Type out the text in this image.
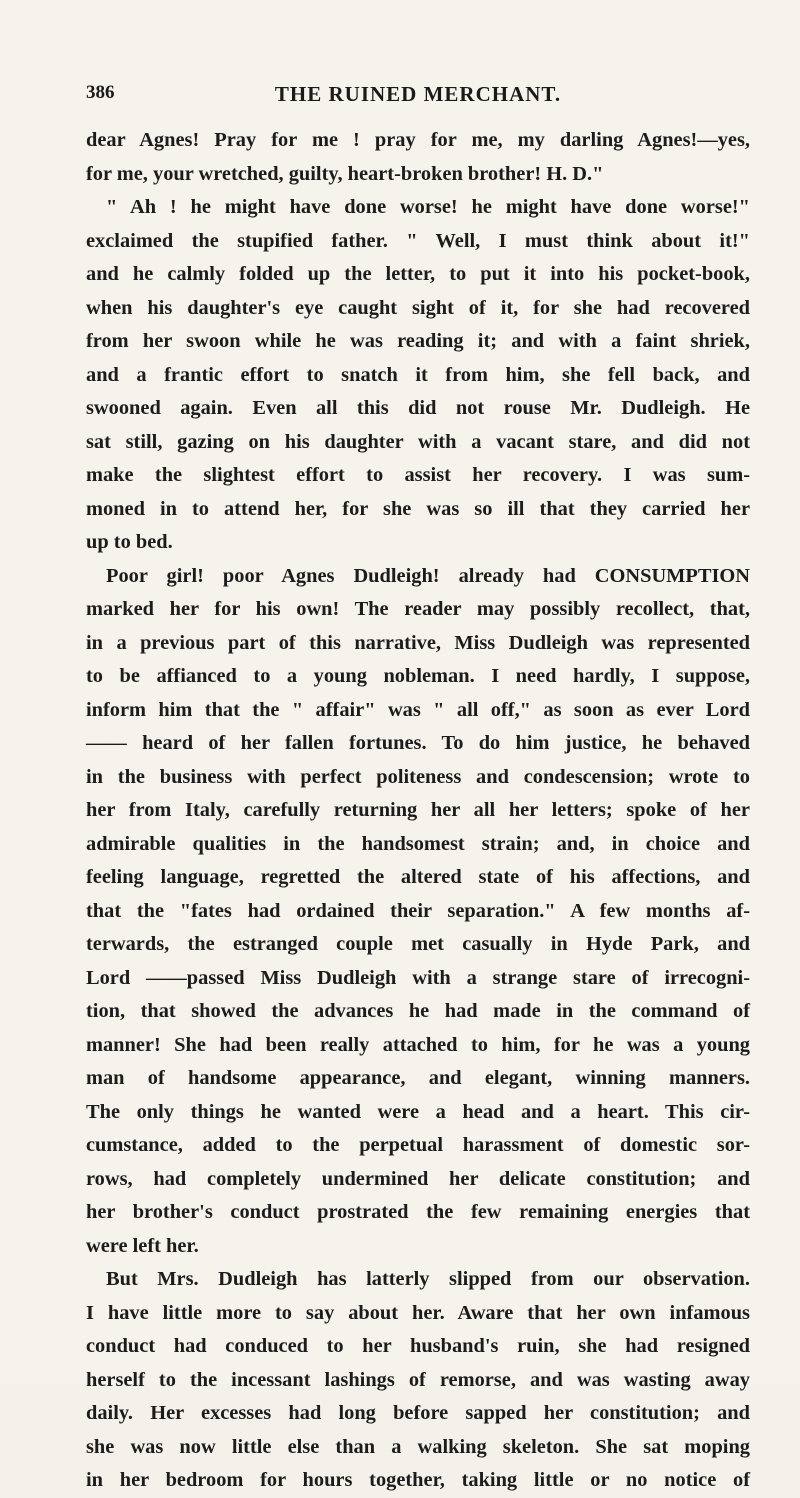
386	THE RUINED MERCHANT.
dear Agnes! Pray for me ! pray for me, my darling Agnes!—yes,
for me, your wretched, guilty, heart-broken brother! H. D."
" Ah ! he might have done worse! he might have done worse!"
exclaimed the stupified father. " Well, I must think about it!"
and he calmly folded up the letter, to put it into his pocket-book,
when his daughter's eye caught sight of it, for she had recovered
from her swoon while he was reading it; and with a faint shriek,
and a frantic effort to snatch it from him, she fell back, and
swooned again. Even all this did not rouse Mr. Dudleigh. He
sat still, gazing on his daughter with a vacant stare, and did not
make the slightest effort to assist her recovery. I was sum-
moned in to attend her, for she was so ill that they carried her
up to bed.
Poor girl! poor Agnes Dudleigh! already had CONSUMPTION
marked her for his own! The reader may possibly recollect, that,
in a previous part of this narrative, Miss Dudleigh was represented
to be affianced to a young nobleman. I need hardly, I suppose,
inform him that the " affair" was " all off," as soon as ever Lord
—— heard of her fallen fortunes. To do him justice, he behaved
in the business with perfect politeness and condescension; wrote to
her from Italy, carefully returning her all her letters; spoke of her
admirable qualities in the handsomest strain; and, in choice and
feeling language, regretted the altered state of his affections, and
that the "fates had ordained their separation." A few months af-
terwards, the estranged couple met casually in Hyde Park, and
Lord ——passed Miss Dudleigh with a strange stare of irrecogni-
tion, that showed the advances he had made in the command of
manner! She had been really attached to him, for he was a young
man of handsome appearance, and elegant, winning manners.
The only things he wanted were a head and a heart. This cir-
cumstance, added to the perpetual harassment of domestic sor-
rows, had completely undermined her delicate constitution; and
her brother's conduct prostrated the few remaining energies that
were left her.
But Mrs. Dudleigh has latterly slipped from our observation.
I have little more to say about her. Aware that her own infamous
conduct had conduced to her husband's ruin, she had resigned
herself to the incessant lashings of remorse, and was wasting away
daily. Her excesses had long before sapped her constitution; and
she was now little else than a walking skeleton. She sat moping
in her bedroom for hours together, taking little or no notice of
